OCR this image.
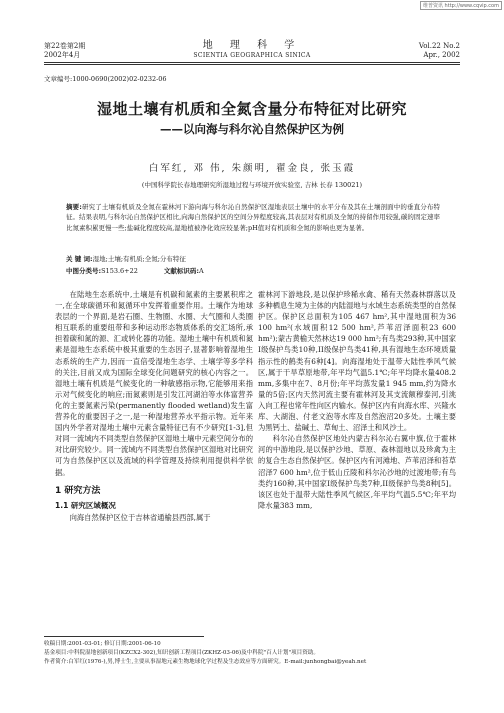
维普资讯 http://www.cqvip.com
第22卷第2期
2002年4月
地 理 科 学
SCIENTIA GEOGRAPHICA SINICA
Vol.22 No.2
Apr., 2002
文章编号:1000-0690(2002)02-0232-06
湿地土壤有机质和全氮含量分布特征对比研究
——以向海与科尔沁自然保护区为例
白军红, 邓 伟, 朱颜明, 翟金良, 张玉霞
(中国科学院长春地理研究所湿地过程与环境开放实验室, 吉林 长春 130021)
摘要:研究了土壤有机质及全氮在霍林河下游向海与科尔沁自然保护区湿地表层土壤中的水平分布及其在土壤剖面中的垂直分布特征。结果表明,与科尔沁自然保护区相比,向海自然保护区的空间分异程度较高,其表层对有机质及全氮的持留作用较强,碳的固定速率比氮素积累更慢一些;盐碱化程度较高,湿地植被净化效应较显著;pH值对有机质和全氮的影响也更为显著。
关 键 词:湿地;土壤;有机质;全氮;分布特征
中图分类号:S153.6+22	文献标识码:A

在陆地生态系统中,土壤是有机碳和氮素的主要累积库之一,在全球碳循环和氮循环中发挥着重要作用。土壤作为地球表层的一个界面,是岩石圈、生物圈、水圈、大气圈和人类圈相互联系的重要纽带和多种运动形态物质体系的交汇场所,承担着碳和氮的源、汇或转化器的功能。湿地土壤中有机质和氮素是湿地生态系统中极其重要的生态因子,显著影响着湿地生态系统的生产力,因而一直倍受湿地生态学、土壤学等多学科的关注,目前又成为国际全球变化问题研究的核心内容之一。湿地土壤有机质是气候变化的一种敏感指示物,它能够用来指示对气候变化的响应;而氮素则是引发江河湖泊等水体富营养化的主要氮素污染(permanently flooded wetland)发生富营养化的重要因子之一,是一种湿地营养水平指示物。近年来国内外学者对湿地土壤中元素含量特征已有不少研究[1-3],但对同一流域内不同类型自然保护区湿地土壤中元素空间分布的对比研究较少。同一流域内不同类型自然保护区湿地对比研究可为自然保护区以及流域的科学管理及持续利用提供科学依据。

1 研究方法
1.1 研究区域概况

向海自然保护区位于吉林省通榆县西部,属于

霍林河下游地段,是以保护珍稀水禽、稀有天然森林群落以及多种栖息生境为主体的内陆湿地与水域生态系统类型的自然保护区。保护区总面积为105 467 hm²,其中湿地面积为36 100 hm²(水域面积12 500 hm²,芦苇沼泽面积23 600 hm²);蒙古黄榆天然林达19 000 hm²;有鸟类293种,其中国家I级保护鸟类10种,II级保护鸟类41种,具有湿地生态环境质量指示性的鹤类有6种[4]。向海湿地处于温带大陆性季风气候区,属于干旱草原地带,年平均气温5.1℃;年平均降水量408.2 mm,多集中在7、8月份;年平均蒸发量1 945 mm,约为降水量的5倍;区内天然河流主要有霍林河及其支流额穆泰河,引洮入向工程也常年性向区内输水。保护区内有向海水库、兴隆水库、大湖泡、付老文泡等水库及自然泡沼20多处。土壤主要为黑钙土、盐碱土、草甸土、沼泽土和风沙土。

科尔沁自然保护区地处内蒙古科尔沁右翼中旗,位于霍林河的中游地段,是以保护沙地、草原、森林湿地以及珍禽为主的复合生态自然保护区。保护区内有河滩地、芦苇沼泽和苔草沼泽7 600 hm²,位于低山丘陵和科尔沁沙地的过渡地带;有鸟类约160种,其中国家I级保护鸟类7种,II级保护鸟类8种[5]。该区也处于温带大陆性季风气候区,年平均气温5.5℃;年平均降水量383 mm,

收稿日期:2001-03-01; 修订日期:2001-06-10
基金项目:中科院湿地创新项目(KZCX2-302),知识创新工程项目(ZKHZ-03-06)及中科院"百人计划"项目资助。
作者简介:白军红(1976-),男,博士生,主要从事湿地元素生物地球化学过程及生态效应等方面研究。E-mail:junhongbai@yeah.net
